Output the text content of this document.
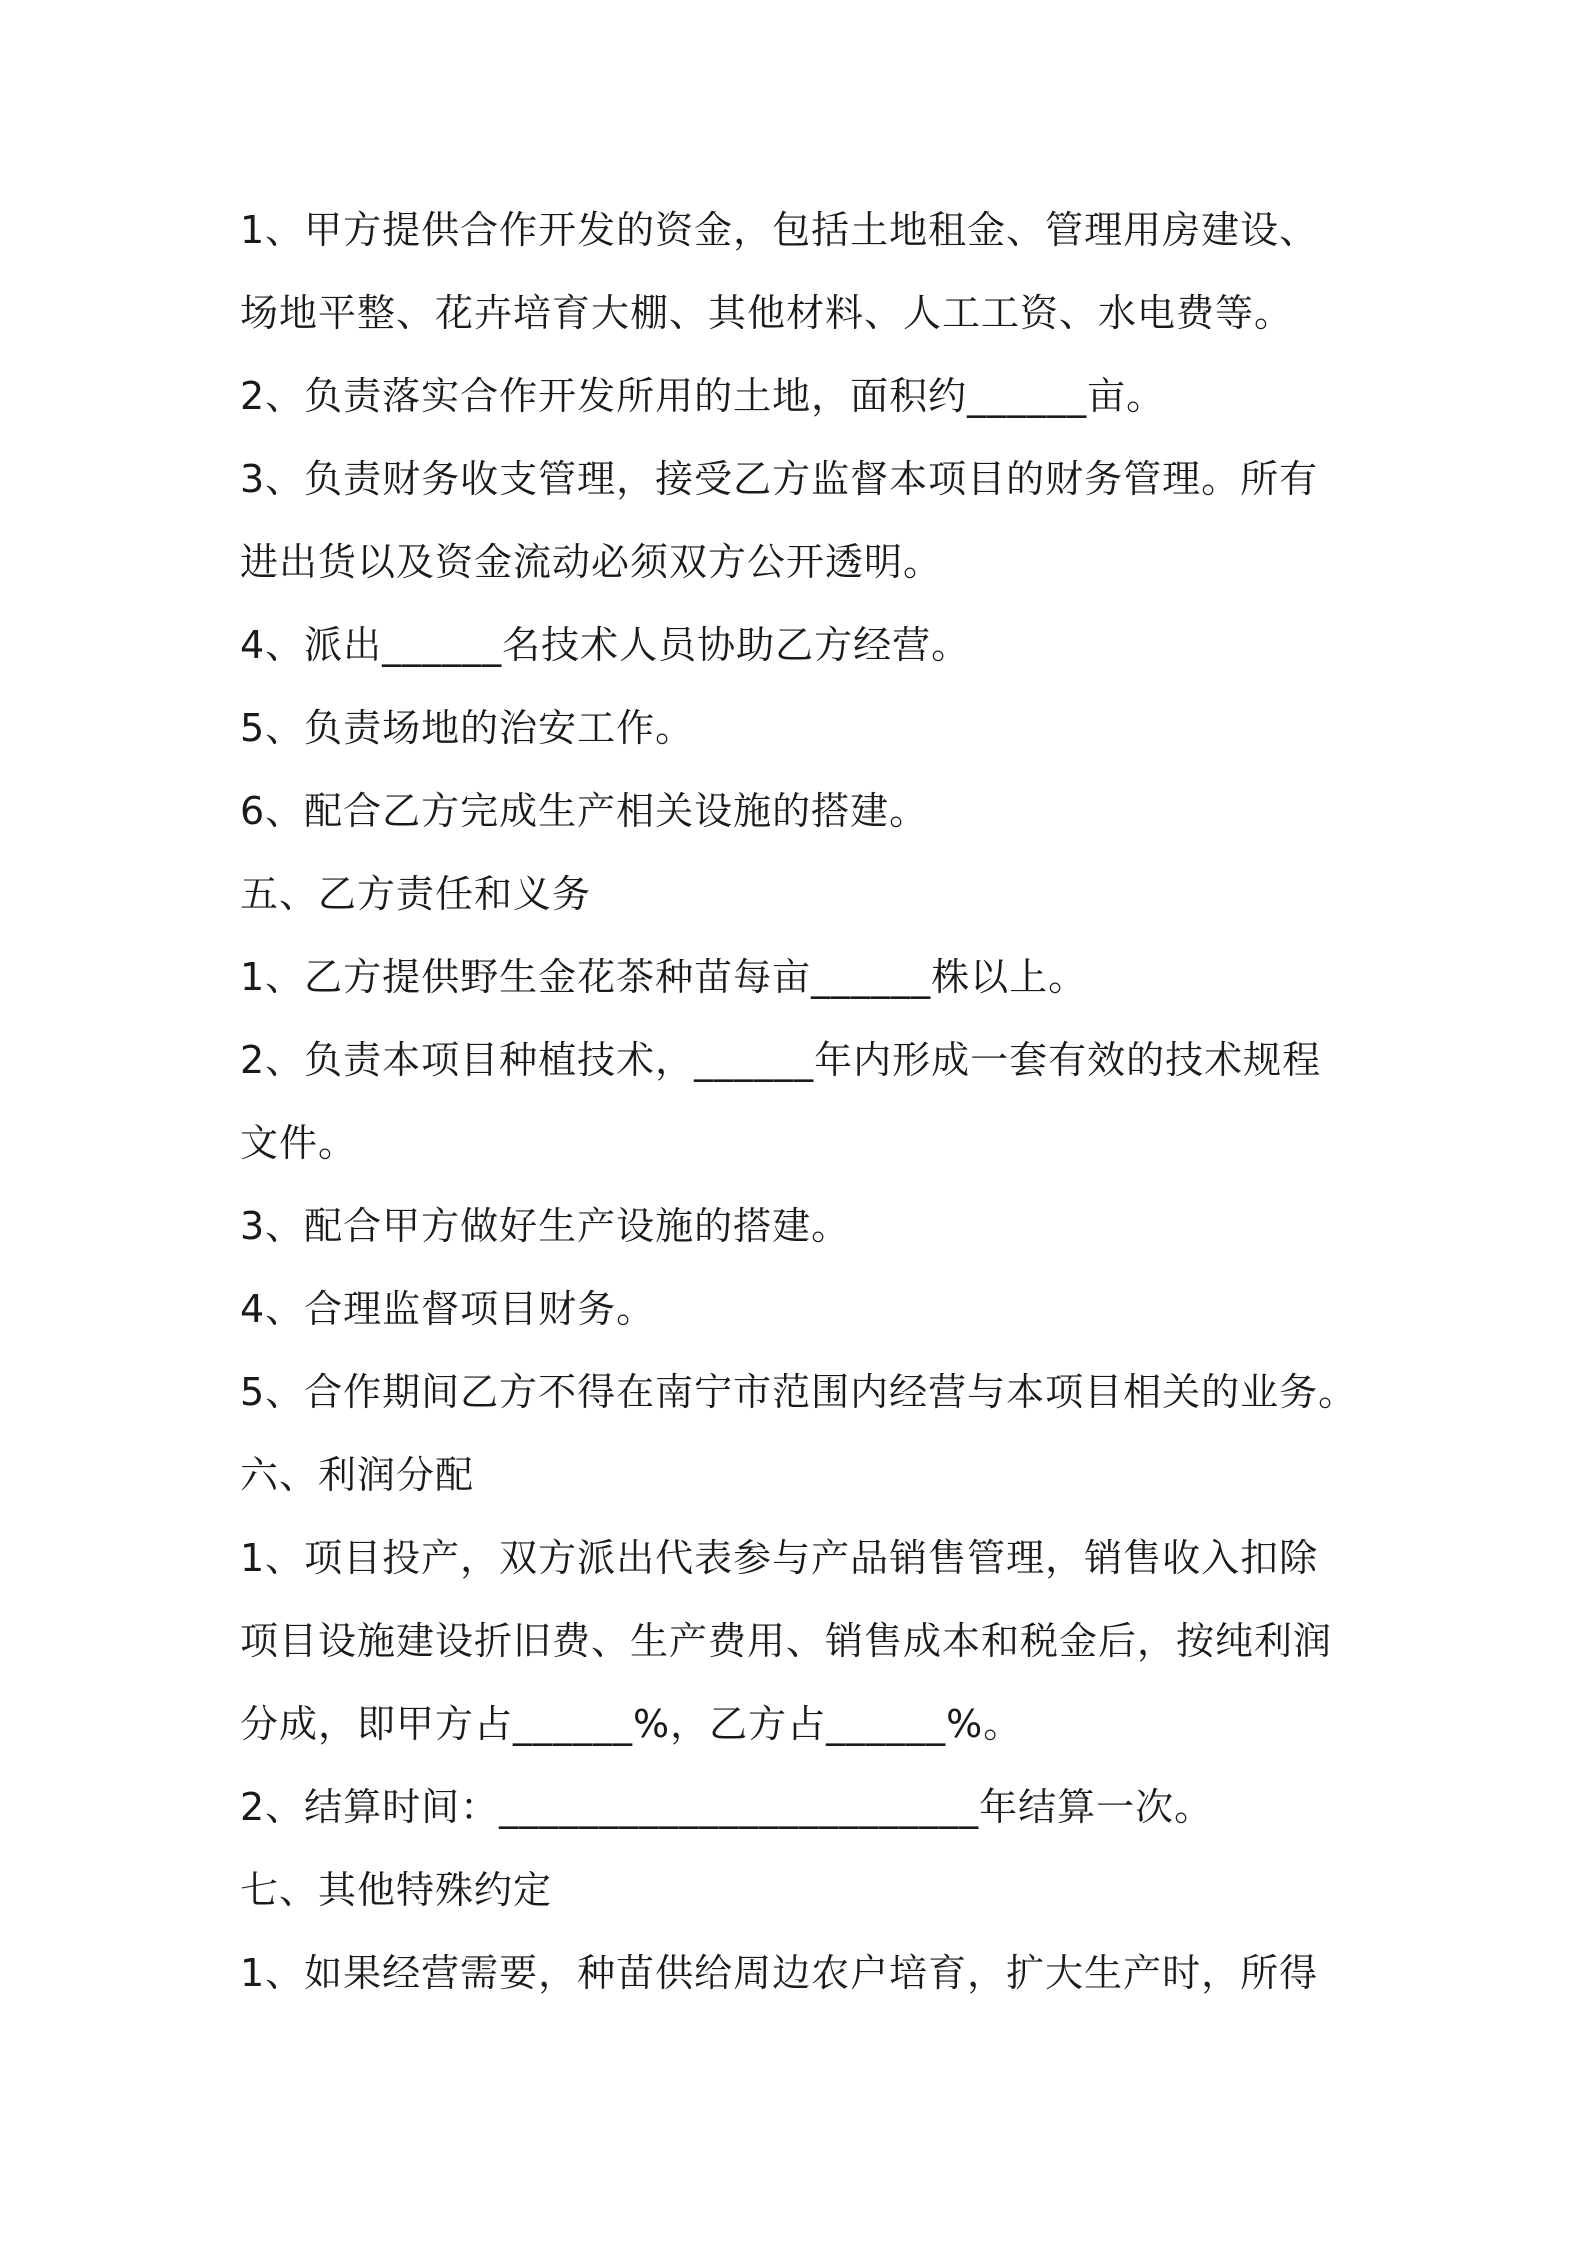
1、甲方提供合作开发的资金，包括土地租金、管理用房建设、
场地平整、花卉培育大棚、其他材料、人工工资、水电费等。
2、负责落实合作开发所用的土地，面积约______亩。
3、负责财务收支管理，接受乙方监督本项目的财务管理。所有
进出货以及资金流动必须双方公开透明。
4、派出______名技术人员协助乙方经营。
5、负责场地的治安工作。
6、配合乙方完成生产相关设施的搭建。
五、乙方责任和义务
1、乙方提供野生金花茶种苗每亩______株以上。
2、负责本项目种植技术，______年内形成一套有效的技术规程
文件。
3、配合甲方做好生产设施的搭建。
4、合理监督项目财务。
5、合作期间乙方不得在南宁市范围内经营与本项目相关的业务。
六、利润分配
1、项目投产，双方派出代表参与产品销售管理，销售收入扣除
项目设施建设折旧费、生产费用、销售成本和税金后，按纯利润
分成，即甲方占______%，乙方占______%。
2、结算时间：________________________年结算一次。
七、其他特殊约定
1、如果经营需要，种苗供给周边农户培育，扩大生产时，所得
